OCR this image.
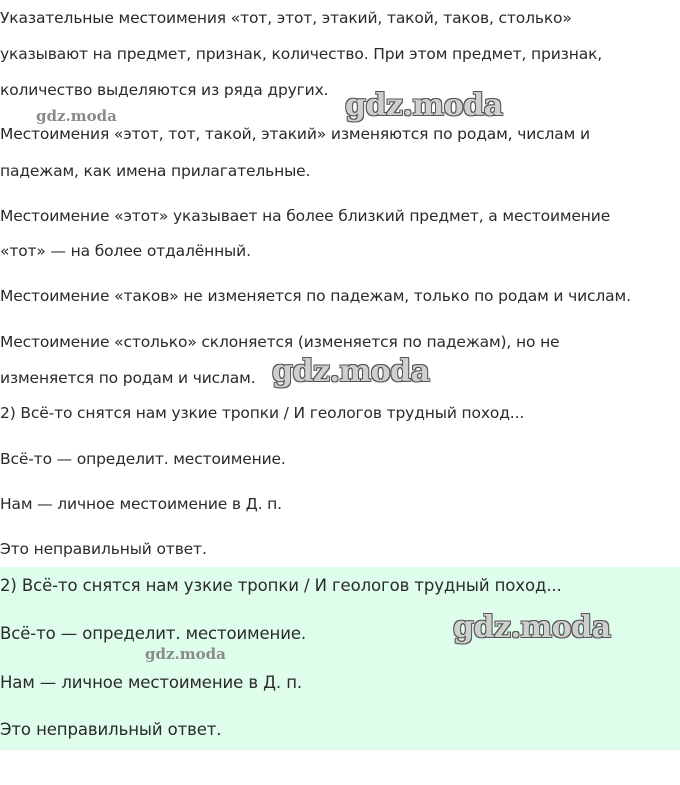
Указательные местоимения «тот, этот, этакий, такой, таков, столько»

указывают на предмет, признак, количество. При этом предмет, признак,

количество выделяются из ряда других.

Местоимения «этот, тот, такой, этакий» изменяются по родам, числам и

падежам, как имена прилагательные.

Местоимение «этот» указывает на более близкий предмет, а местоимение

«тот» — на более отдалённый.

Местоимение «таков» не изменяется по падежам, только по родам и числам.

Местоимение «столько» склоняется (изменяется по падежам), но не

изменяется по родам и числам.

2) Всё-то снятся нам узкие тропки / И геологов трудный поход...

Всё-то — определит. местоимение.

Нам — личное местоимение в Д. п.

Это неправильный ответ.

2) Всё-то снятся нам узкие тропки / И геологов трудный поход...

Всё-то — определит. местоимение.

Нам — личное местоимение в Д. п.

Это неправильный ответ.

gdz.moda	gdz.moda
gdz.moda
gdz.moda
gdz.moda
